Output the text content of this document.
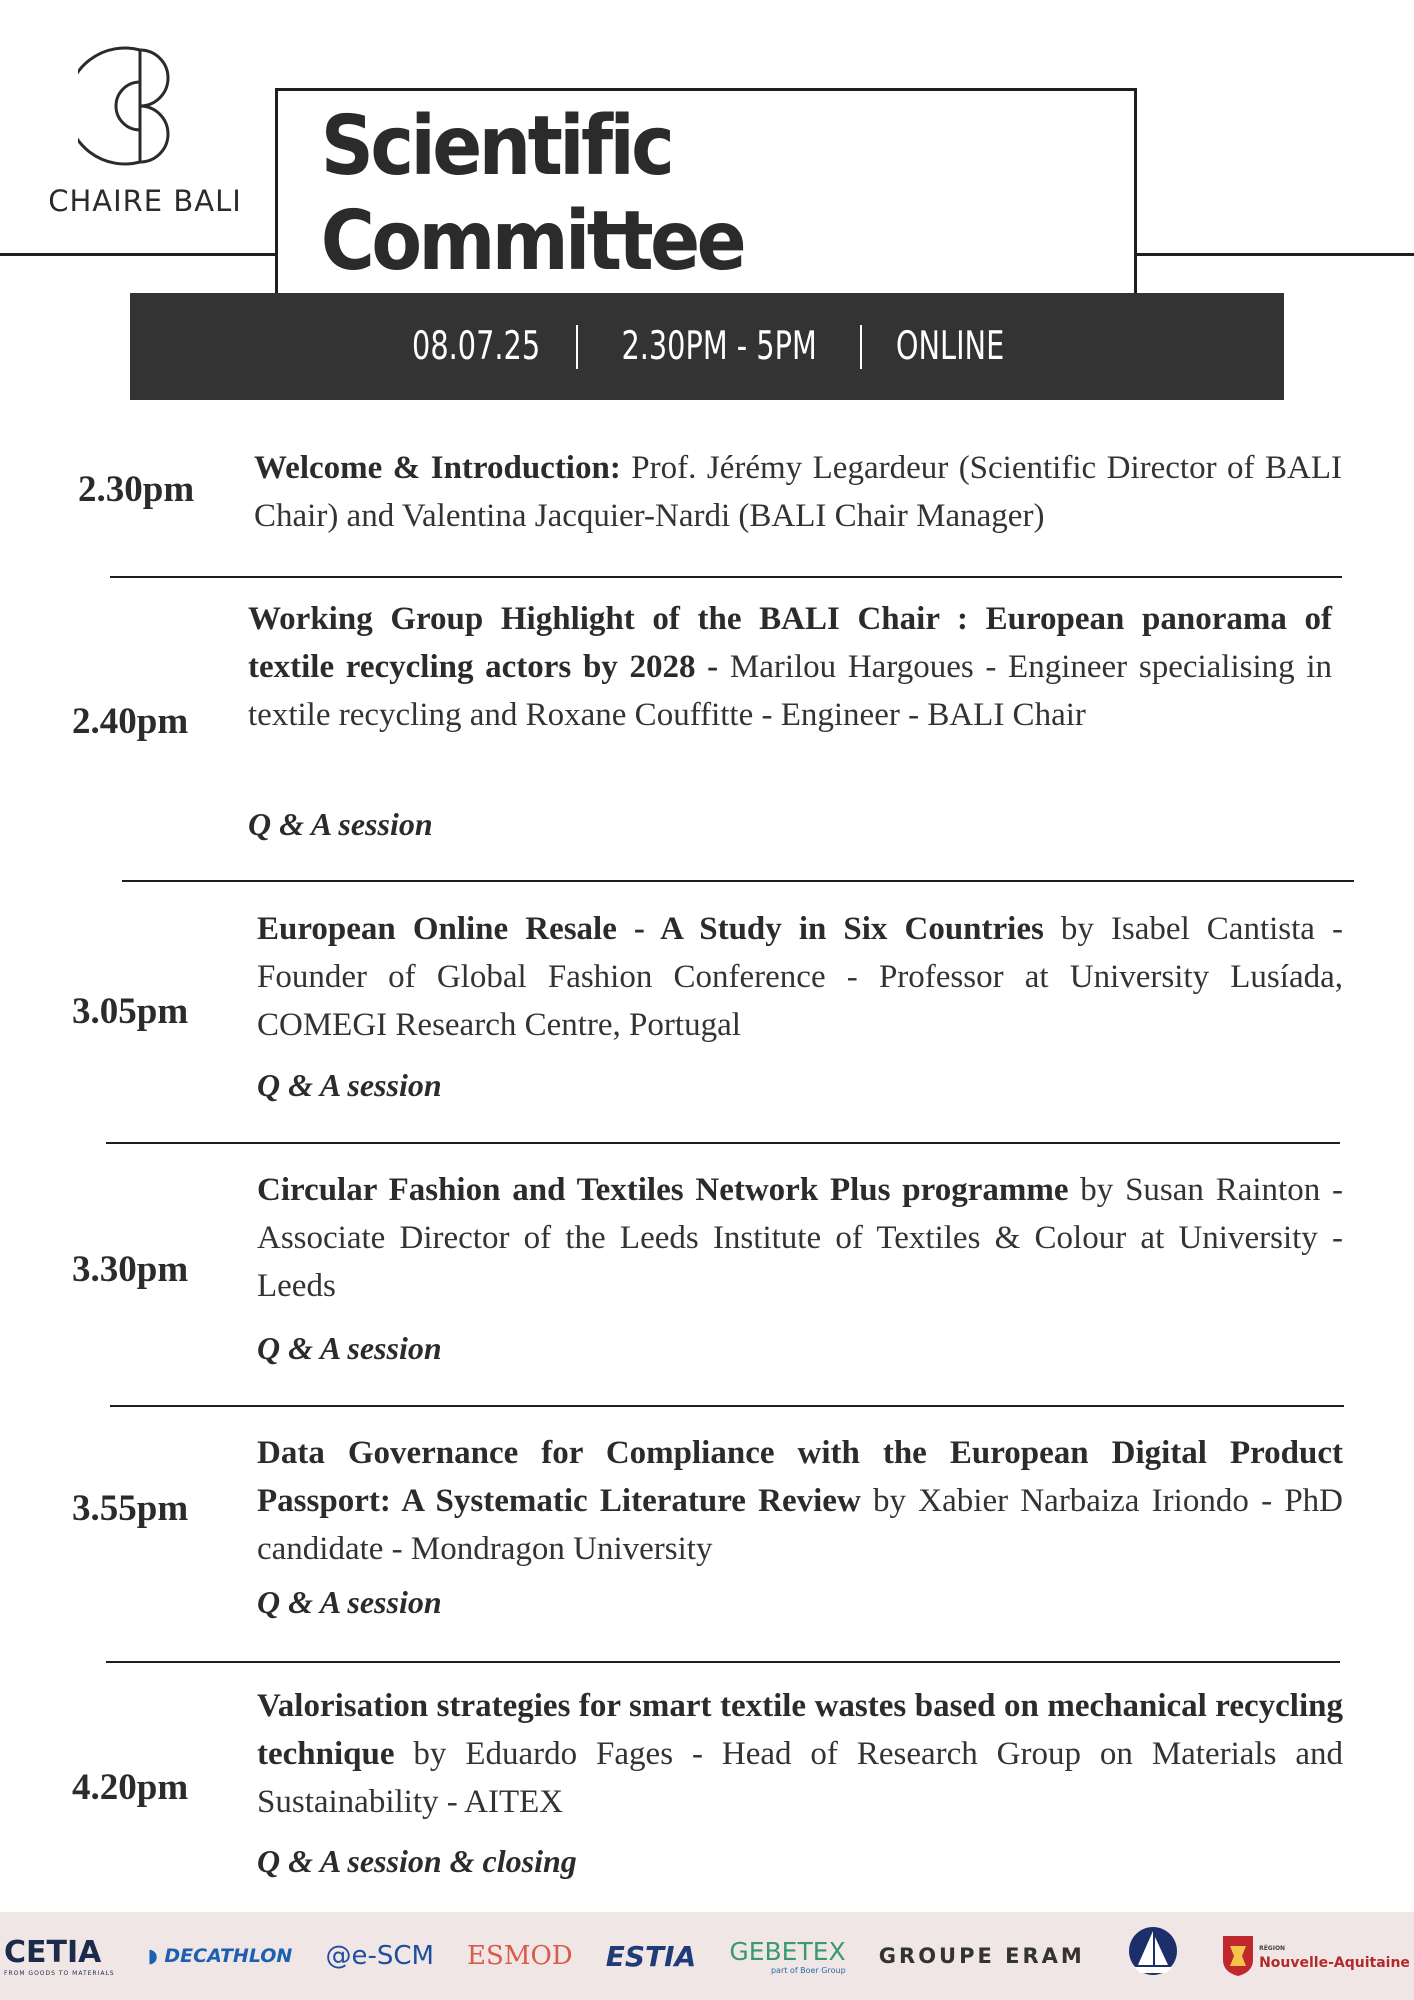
CHAIRE BALI
Scientific Committee
08.07.25 2.30PM - 5PM ONLINE
2.30pm
Welcome & Introduction: Prof. Jérémy Legardeur (Scientific Director of BALI Chair) and Valentina Jacquier-Nardi (BALI Chair Manager)
2.40pm
Working Group Highlight of the BALI Chair : European panorama of textile recycling actors by 2028 - Marilou Hargoues - Engineer specialising in textile recycling and Roxane Couffitte - Engineer - BALI Chair
Q & A session
3.05pm
European Online Resale - A Study in Six Countries by Isabel Cantista - Founder of Global Fashion Conference - Professor at University Lusíada, COMEGI Research Centre, Portugal
Q & A session
3.30pm
Circular Fashion and Textiles Network Plus programme by Susan Rainton - Associate Director of the Leeds Institute of Textiles & Colour at University - Leeds
Q & A session
3.55pm
Data Governance for Compliance with the European Digital Product Passport: A Systematic Literature Review by Xabier Narbaiza Iriondo - PhD candidate - Mondragon University
Q & A session
4.20pm
Valorisation strategies for smart textile wastes based on mechanical recycling technique by Eduardo Fages - Head of Research Group on Materials and Sustainability - AITEX
Q & A session & closing
CETIA
FROM GOODS TO MATERIALS
◗ DECATHLON @e-SCM ESMOD ESTIA GEBETEX
part of Boer Group
GROUPE ERAM	RÉGION
Nouvelle-Aquitaine
